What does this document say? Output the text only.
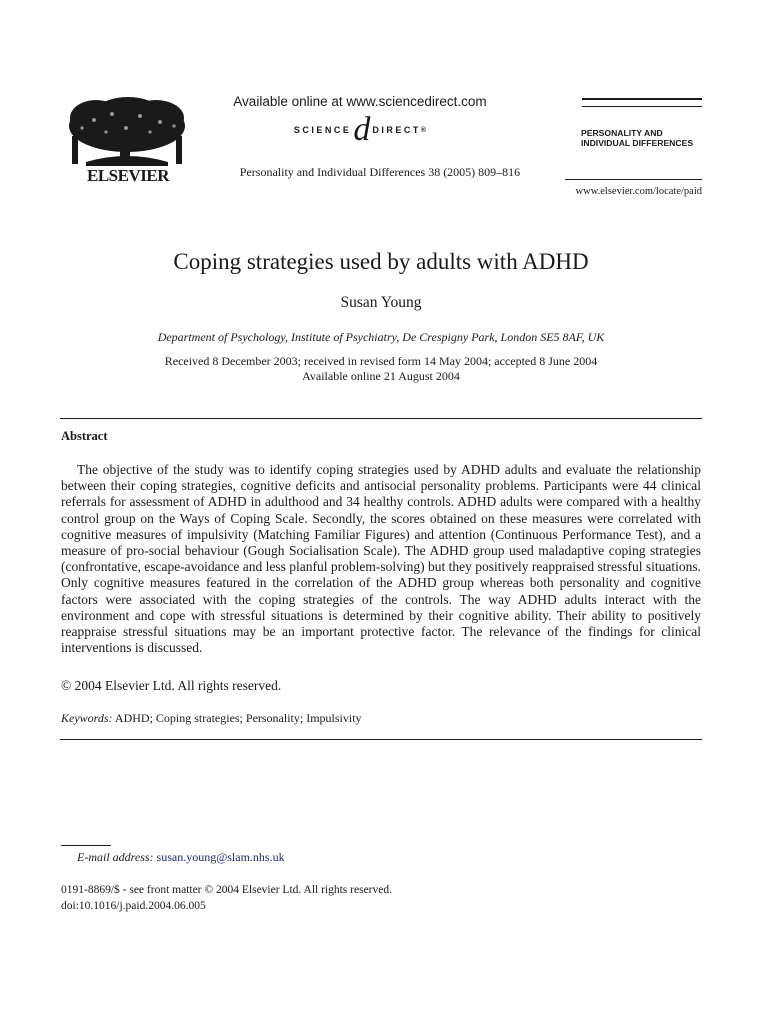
ELSEVIER
Available online at www.sciencedirect.com
SCIENCE d DIRECT ®
Personality and Individual Differences 38 (2005) 809–816
PERSONALITY AND
INDIVIDUAL DIFFERENCES
www.elsevier.com/locate/paid
Coping strategies used by adults with ADHD
Susan Young
Department of Psychology, Institute of Psychiatry, De Crespigny Park, London SE5 8AF, UK
Received 8 December 2003; received in revised form 14 May 2004; accepted 8 June 2004
Available online 21 August 2004
Abstract

The objective of the study was to identify coping strategies used by ADHD adults and evaluate the relationship between their coping strategies, cognitive deficits and antisocial personality problems. Participants were 44 clinical referrals for assessment of ADHD in adulthood and 34 healthy controls. ADHD adults were compared with a healthy control group on the Ways of Coping Scale. Secondly, the scores obtained on these measures were correlated with cognitive measures of impulsivity (Matching Familiar Figures) and attention (Continuous Performance Test), and a measure of pro-social behaviour (Gough Socialisation Scale). The ADHD group used maladaptive coping strategies (confrontative, escape-avoidance and less planful problem-solving) but they positively reappraised stressful situations. Only cognitive measures featured in the correlation of the ADHD group whereas both personality and cognitive factors were associated with the coping strategies of the controls. The way ADHD adults interact with the environment and cope with stressful situations is determined by their cognitive ability. Their ability to positively reappraise stressful situations may be an important protective factor. The relevance of the findings for clinical interventions is discussed.

© 2004 Elsevier Ltd. All rights reserved.
Keywords: ADHD; Coping strategies; Personality; Impulsivity
E-mail address: susan.young@slam.nhs.uk
0191-8869/$ - see front matter © 2004 Elsevier Ltd. All rights reserved.
doi:10.1016/j.paid.2004.06.005
